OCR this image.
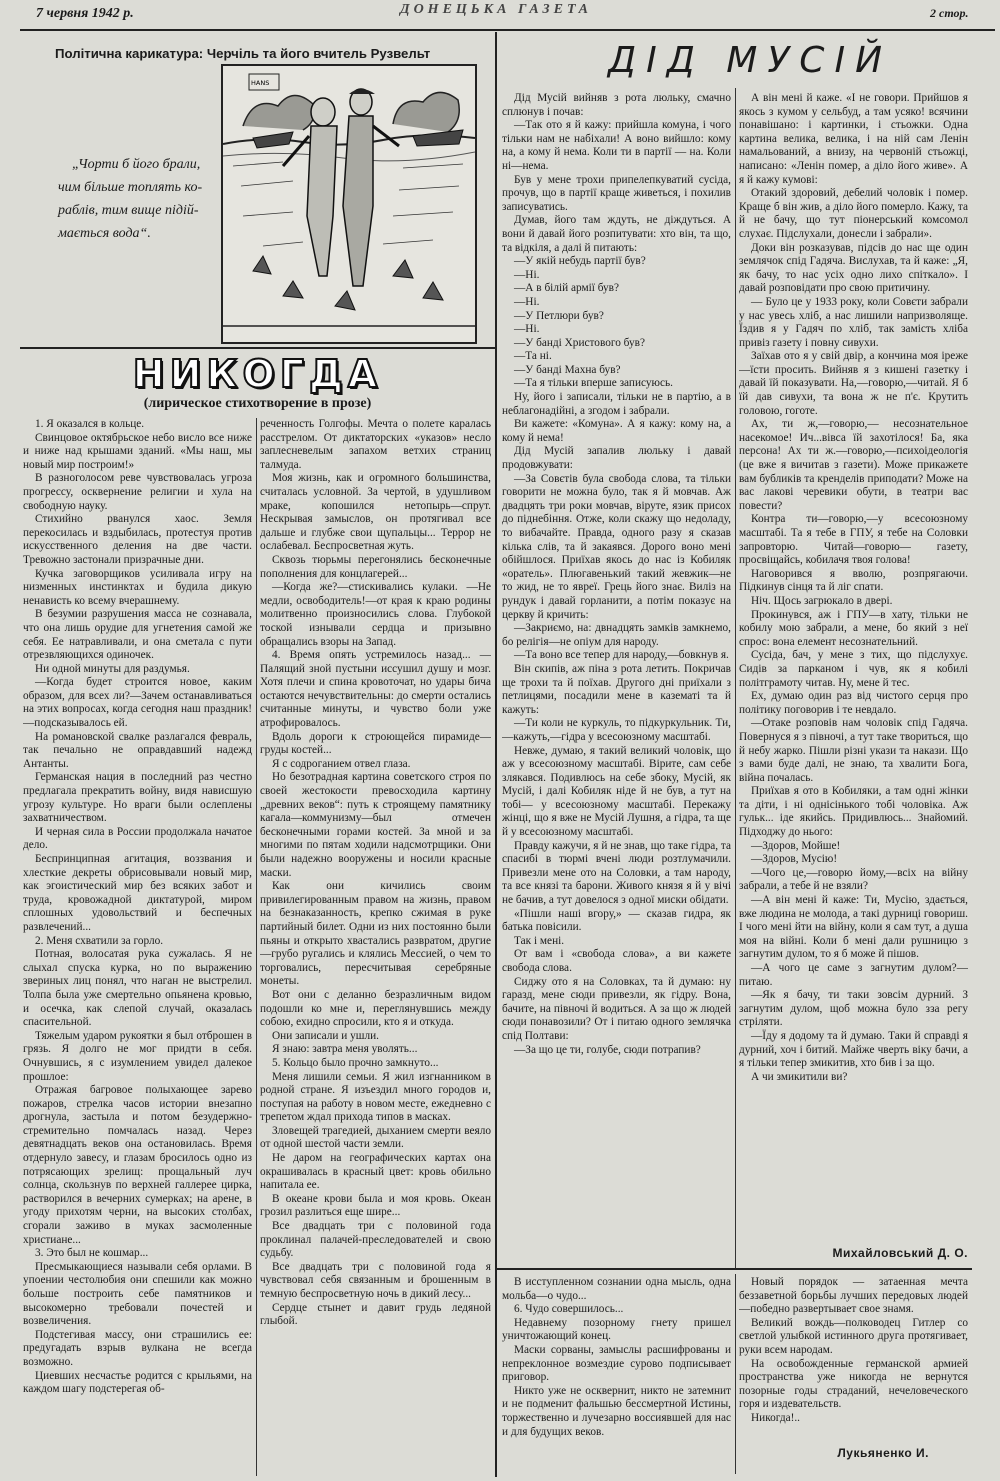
7 червня 1942 р.	ДОНЕЦЬКА ГАЗЕТА	2 стор.
Політична карикатура: Черчіль та його вчитель Рузвельт
HANS
„Чорти б його брали,
чим більше топлять ко-
раблів, тим вище підій-
мається вода“.
НИКОГДА
(лирическое стихотворение в прозе)

1. Я оказался в кольце.

Свинцовое октябрьское небо висло все ниже и ниже над крышами зданий. «Мы наш, мы новый мир построим!»

В разноголосом реве чувствовалась угроза прогрессу, осквернение религии и хула на свободную науку.

Стихийно рванулся хаос. Земля перекосилась и вздыбилась, протестуя против искусственного деления на две части. Тревожно застонали призрачные дни.

Кучка заговорщиков усиливала игру на низменных инстинктах и будила дикую ненависть ко всему вчерашнему.

В безумии разрушения масса не сознавала, что она лишь орудие для угнетения самой же себя. Ее натравливали, и она сметала с пути отрезвляющихся одиночек.

Ни одной минуты для раздумья.

—Когда будет строится новое, каким образом, для всех ли?—Зачем останавливаться на этих вопросах, когда сегодня наш праздник!—подсказывалось ей.

На романовской свалке разлагался февраль, так печально не оправдавший надежд Антанты.

Германская нация в последний раз честно предлагала прекратить войну, видя нависшую угрозу культуре. Но враги были ослеплены захватничеством.

И черная сила в России продолжала начатое дело.

Беспринципная агитация, воззвания и хлесткие декреты обрисовывали новый мир, как эгоистический мир без всяких забот и труда, кровожадной диктатурой, миром сплошных удовольствий и беспечных развлечений...

2. Меня схватили за горло.

Потная, волосатая рука сужалась. Я не слыхал спуска курка, но по выражению звериных лиц понял, что наган не выстрелил. Толпа была уже смертельно опьянена кровью, и осечка, как слепой случай, оказалась спасительной.

Тяжелым ударом рукоятки я был отброшен в грязь. Я долго не мог придти в себя. Очнувшись, я с изумлением увидел далекое прошлое:

Отражая багровое полыхающее зарево пожаров, стрелка часов истории внезапно дрогнула, застыла и потом безудержно-стремительно помчалась назад. Через девятнадцать веков она остановилась. Время отдернуло завесу, и глазам бросилось одно из потрясающих зрелищ: прощальный луч солнца, скользнув по верхней галлерее цирка, растворился в вечерних сумерках; на арене, в угоду прихотям черни, на высоких столбах, сгорали заживо в муках засмоленные христиане...

3. Это был не кошмар...

Пресмыкающиеся называли себя орлами. В упоении честолюбия они спешили как можно больше построить себе памятников и высокомерно требовали почестей и возвеличения.

Подстегивая массу, они страшились ее: предугадать взрыв вулкана не всегда возможно.

Циевших несчастье родится с крыльями, на каждом шагу подстерегая об-

реченность Голгофы. Мечта о полете каралась расстрелом. От диктаторских «указов» несло заплесневелым запахом ветхих страниц талмуда.

Моя жизнь, как и огромного большинства, считалась условной. За чертой, в удушливом мраке, копошился нетопырь—спрут. Нескрывая замыслов, он протягивал все дальше и глубже свои щупальцы... Террор не ослабевал. Беспросветная жуть.

Сквозь тюрьмы перегонялись бесконечные пополнения для концлагерей...

—Когда же?—стискивались кулаки. —Не медли, освободитель!—от края к краю родины молитвенно произносились слова. Глубокой тоской изнывали сердца и призывно обращались взоры на Запад.

4. Время опять устремилось назад... —Палящий зной пустыни иссушил душу и мозг. Хотя плечи и спина кровоточат, но удары бича остаются нечувствительны: до смерти остались считанные минуты, и чувство боли уже атрофировалось.

Вдоль дороги к строющейся пирамиде—груды костей...

Я с содроганием отвел глаза.

Но безотрадная картина советского строя по своей жестокости превосходила картину „древних веков“: путь к строящему памятнику кагала—коммунизму—был отмечен бесконечными горами костей. За мной и за многими по пятам ходили надсмотрщики. Они были надежно вооружены и носили красные маски.

Как они кичились своим привилегированным правом на жизнь, правом на безнаказанность, крепко сжимая в руке партийный билет. Одни из них постоянно были пьяны и открыто хвастались развратом, другие—грубо ругались и клялись Мессией, о чем то торговались, пересчитывая серебряные монеты.

Вот они с деланно безразличным видом подошли ко мне и, переглянувшись между собою, ехидно спросили, кто я и откуда.

Они записали и ушли.

Я знаю: завтра меня уволять...

5. Кольцо было прочно замкнуто...

Меня лишили семьи. Я жил изгнанником в родной стране. Я изъездил много городов и, поступая на работу в новом месте, ежедневно с трепетом ждал прихода типов в масках.

Зловещей трагедией, дыханием смерти веяло от одной шестой части земли.

Не даром на географических картах она окрашивалась в красный цвет: кровь обильно напитала ее.

В океане крови была и моя кровь. Океан грозил разлиться еще шире...

Все двадцать три с половиной года проклинал палачей-преследователей и свою судьбу.

Все двадцать три с половиной года я чувствовал себя связанным и брошенным в темную беспросветную ночь в дикий лесу...

Сердце стынет и давит грудь ледяной глыбой.

ДІД МУСІЙ

Дід Мусій вийняв з рота люльку, смачно сплюнув і почав:

—Так ото я й кажу: прийшла комуна, і чого тільки нам не набіхали! А воно вийшло: кому на, а кому й нема. Коли ти в партії — на. Коли ні—нема.

Був у мене трохи припелепкуватий сусіда, прочув, що в партії краще живеться, і похилив записуватись.

Думав, його там ждуть, не діждуться. А вони й давай його розпитувати: хто він, та що, та відкіля, а далі й питають:

—У якій небудь партії був?

—Ні.

—А в білій армії був?

—Ні.

—У Петлюри був?

—Ні.

—У банді Христового був?

—Та ні.

—У банді Махна був?

—Та я тільки вперше записуюсь.

Ну, його і записали, тільки не в партію, а в неблагонадійні, а згодом і забрали.

Ви кажете: «Комуна». А я кажу: кому на, а кому й нема!

Дід Мусій запалив люльку і давай продовжувати:

—За Совєтів була свобода слова, та тільки говорити не можна було, так я й мовчав. Аж двадцять три роки мовчав, віруте, язик присох до піднебіння. Отже, коли скажу що недоладу, то вибачайте. Правда, одного разу я сказав кілька слів, та й закаявся. Дорого воно мені обійшлося. Приїхав якось до нас із Кобиляк «оратель». Плюгавенький такий жевжик—не то жид, не то явреї. Грець його знає. Виліз на рундук і давай горланити, а потім показує на церкву й кричить:

—Закриємо, на: двнадцять замків замкнемо, бо релігія—не опіум для народу.

—Та воно все тепер для народу,—бовкнув я.

Він скипів, аж піна з рота летить. Покричав ще трохи та й поїхав. Другого дні приїхали з петлицями, посадили мене в казематі та й кажуть:

—Ти коли не куркуль, то підкуркульник. Ти,—кажуть,—гідра у всесоюзному масштабі.

Невже, думаю, я такий великий чоловік, що аж у всесоюзному масштабі. Вірите, сам себе злякався. Подивлюсь на себе збоку, Мусій, як Мусій, і далі Кобиляк ніде й не був, а тут на тобі— у всесоюзному масштабі. Перекажу жінці, що я вже не Мусій Лушня, а гідра, та ще й у всесоюзному масштабі.

Правду кажучи, я й не знав, що таке гідра, та спасибі в тюрмі вчені люди розтлумачили. Привезли мене ото на Соловки, а там народу, та все князі та барони. Живого князя я й у вічі не бачив, а тут довелося з одної миски обідати.

«Пішли наші вгору,» — сказав гидра, як батька повісили.

Так і мені.

От вам і «свобода слова», а ви кажете свобода слова.

Сиджу ото я на Соловках, та й думаю: ну гаразд, мене сюди привезли, як гідру. Вона, бачите, на півночі й водиться. А за що ж людей сюди понавозили? От і питаю одного землячка спід Полтави:

—За що це ти, голубе, сюди потрапив?

А він мені й каже. «І не говори. Прийшов я якось з кумом у сельбуд, а там усяко! всячини понавішано: і картинки, і стьожки. Одна картина велика, велика, і на ній сам Ленін намальований, а внизу, на червоній стьожці, написано: «Ленін помер, а діло його живе». А я й кажу кумові:

Отакий здоровий, дебелий чоловік і помер. Краще б він жив, а діло його померло. Кажу, та й не бачу, що тут піонерський комсомол слухає. Підслухали, донесли і забрали».

Доки він розказував, підсів до нас ще один землячок спід Гадяча. Вислухав, та й каже: „Я, як бачу, то нас усіх одно лихо спіткало». І давай розповідати про свою притичину.

— Було це у 1933 року, коли Совєти забрали у нас увесь хліб, а нас лишили напризволяще. Їздив я у Гадяч по хліб, так замість хліба привіз газету і повну сивухи.

Заїхав ото я у свій двір, а кончина моя іреже—їсти просить. Вийняв я з кишені газетку і давай їй показувати. На,—говорю,—читай. Я б їй дав сивухи, та вона ж не п'є. Крутить головою, гоготе.

Ах, ти ж,—говорю,— несознательное насекомое! Ич...вівса їй захотілося! Ба, яка персона! Ах ти ж.—говорю,—психоідеологія (це вже я вичитав з газети). Може прикажете вам бубликів та кренделів приподати? Може на вас лакові черевики обути, в театри вас повести?

Контра ти—говорю,—у всесоюзному масштабі. Та я тебе в ГПУ, я тебе на Соловки запровторю. Читай—говорю— газету, просвіщайсь, кобилачя твоя голова!

Наговорився я вволю, розпрягаючи. Підкинув сінця та й ліг спати.

Ніч. Щось загрюкало в двері.

Прокинувся, аж і ГПУ—в хату, тільки не кобилу мою забрали, а мене, бо який з неї спрос: вона елемент несознательний.

Сусіда, бач, у мене з тих, що підслухує. Сидів за парканом і чув, як я кобилі політграмоту читав. Ну, мене й тес.

Ех, думаю один раз від чистого серця про політику поговорив і те невдало.

—Отаке розповів нам чоловік спід Гадяча. Повернуся я з півночі, а тут таке твориться, що й небу жарко. Пішли різні укази та накази. Що з вами буде далі, не знаю, та хвалити Бога, війна почалась.

Приїхав я ото в Кобиляки, а там одні жінки та діти, і ні однісінького тобі чоловіка. Аж гульк... іде якийсь. Придивлюсь... Знайомий. Підходжу до нього:

—Здоров, Мойше!

—Здоров, Мусію!

—Чого це,—говорю йому,—всіх на війну забрали, а тебе й не взяли?

—А він мені й каже: Ти, Мусію, здається, вже людина не молода, а такі дурниці говориш. І чого мені йти на війну, коли я сам тут, а душа моя на війні. Коли б мені дали рушницю з загнутим дулом, то я б може й пішов.

—А чого це саме з загнутим дулом?—питаю.

—Як я бачу, ти таки зовсім дурний. З загнутим дулом, щоб можна було зза регу стріляти.

—Їду я додому та й думаю. Таки й справді я дурний, хоч і битий. Майже чверть віку бачи, а я тільки тепер змикитив, хто бив і за що.

А чи змикитили ви?

Михайловський Д. О.

В исступленном сознании одна мысль, одна мольба—о чудо...

6. Чудо совершилось...

Недавнему позорному гнету пришел уничтожающий конец.

Маски сорваны, замыслы расшифрованы и непреклонное возмездие сурово подписывает приговор.

Никто уже не осквернит, никто не затемнит и не подменит фальшью бессмертной Истины, торжественно и лучезарно воссиявшей для нас и для будущих веков.

Новый порядок — затаенная мечта беззаветной борьбы лучших передовых людей—победно развертывает свое знамя.

Великий вождь—полководец Гитлер со светлой улыбкой истинного друга протягивает, руки всем народам.

На освобожденные германской армией пространства уже никогда не вернутся позорные годы страданий, нечеловеческого горя и издевательств.

Никогда!..

Лукьяненко И.
